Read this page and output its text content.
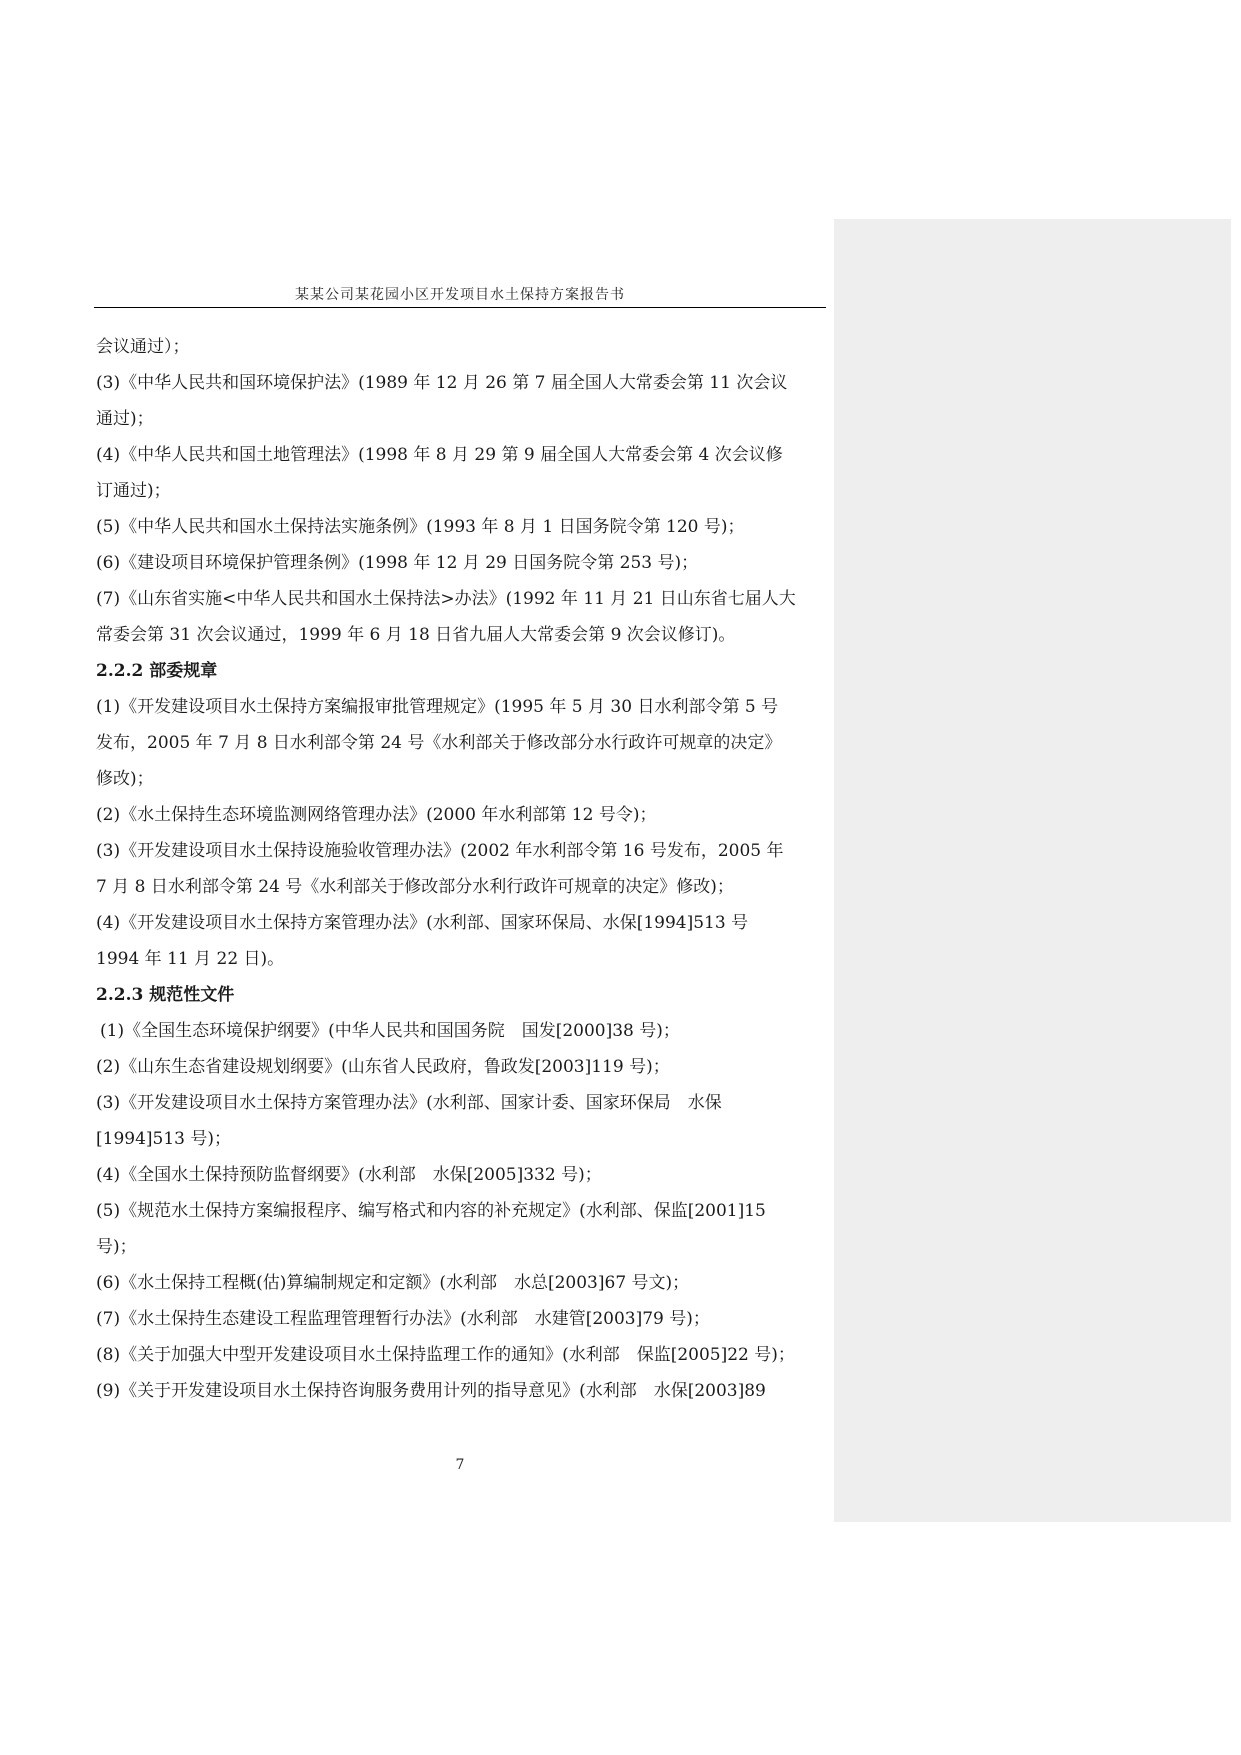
某某公司某花园小区开发项目水土保持方案报告书
会议通过）；
(3)《中华人民共和国环境保护法》(1989 年 12 月 26 第 7 届全国人大常委会第 11 次会议
通过)；
(4)《中华人民共和国土地管理法》(1998 年 8 月 29 第 9 届全国人大常委会第 4 次会议修
订通过)；
(5)《中华人民共和国水土保持法实施条例》(1993 年 8 月 1 日国务院令第 120 号)；
(6)《建设项目环境保护管理条例》(1998 年 12 月 29 日国务院令第 253 号)；
(7)《山东省实施<中华人民共和国水土保持法>办法》(1992 年 11 月 21 日山东省七届人大
常委会第 31 次会议通过，1999 年 6 月 18 日省九届人大常委会第 9 次会议修订)。
2.2.2 部委规章
(1)《开发建设项目水土保持方案编报审批管理规定》(1995 年 5 月 30 日水利部令第 5 号
发布，2005 年 7 月 8 日水利部令第 24 号《水利部关于修改部分水行政许可规章的决定》
修改)；
(2)《水土保持生态环境监测网络管理办法》(2000 年水利部第 12 号令)；
(3)《开发建设项目水土保持设施验收管理办法》(2002 年水利部令第 16 号发布，2005 年
7 月 8 日水利部令第 24 号《水利部关于修改部分水利行政许可规章的决定》修改)；
(4)《开发建设项目水土保持方案管理办法》(水利部、国家环保局、水保[1994]513 号
1994 年 11 月 22 日)。
2.2.3 规范性文件
(1)《全国生态环境保护纲要》(中华人民共和国国务院　国发[2000]38 号)；
(2)《山东生态省建设规划纲要》(山东省人民政府，鲁政发[2003]119 号)；
(3)《开发建设项目水土保持方案管理办法》(水利部、国家计委、国家环保局　水保
[1994]513 号)；
(4)《全国水土保持预防监督纲要》(水利部　水保[2005]332 号)；
(5)《规范水土保持方案编报程序、编写格式和内容的补充规定》(水利部、保监[2001]15
号)；
(6)《水土保持工程概(估)算编制规定和定额》(水利部　水总[2003]67 号文)；
(7)《水土保持生态建设工程监理管理暂行办法》(水利部　水建管[2003]79 号)；
(8)《关于加强大中型开发建设项目水土保持监理工作的通知》(水利部　保监[2005]22 号)；
(9)《关于开发建设项目水土保持咨询服务费用计列的指导意见》(水利部　水保[2003]89
7
